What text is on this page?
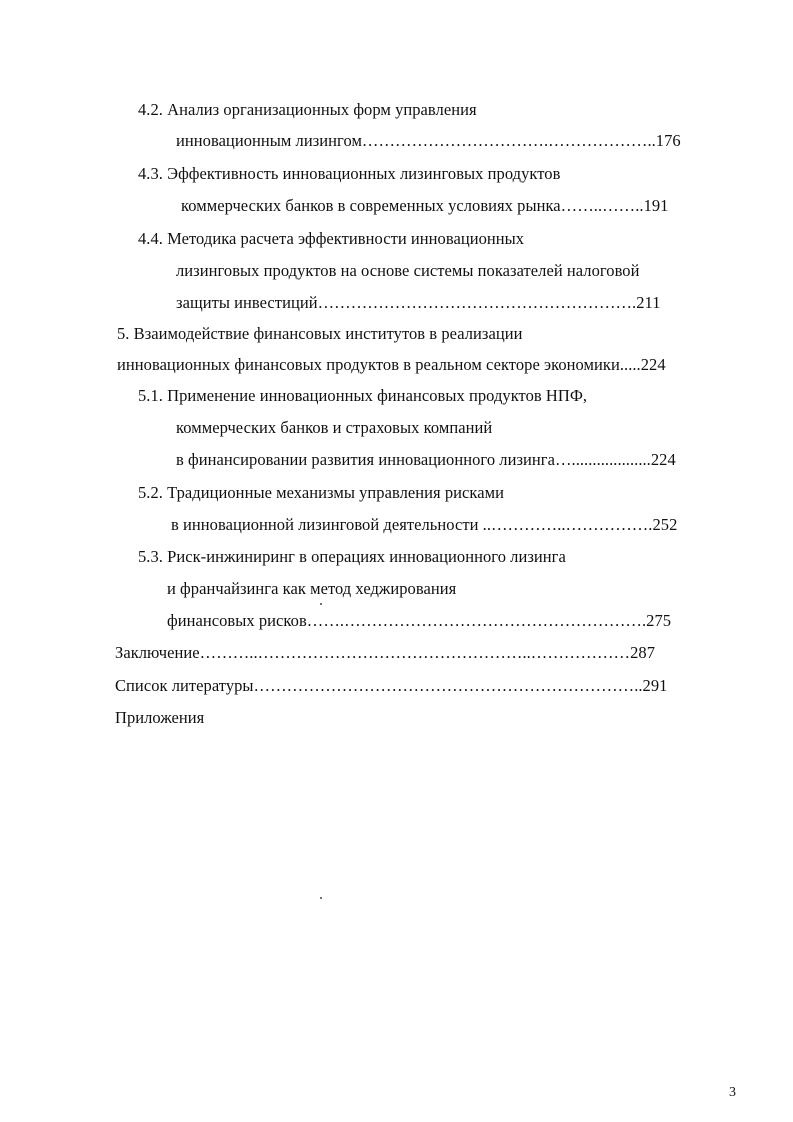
4.2. Анализ организационных форм управления
инновационным лизингом…………………………….………………..176
4.3. Эффективность инновационных лизинговых продуктов
коммерческих банков в современных условиях рынка……..……..191
4.4. Методика расчета эффективности инновационных
лизинговых продуктов на основе системы показателей налоговой
защиты инвестиций………………………………………………….211
5. Взаимодействие финансовых институтов в реализации
инновационных финансовых продуктов в реальном секторе экономики.....224
5.1. Применение инновационных финансовых продуктов НПФ,
коммерческих банков и страховых компаний
в финансировании развития инновационного лизинга…...................224
5.2. Традиционные механизмы управления рисками
в инновационной лизинговой деятельности ..…………..…………….252
5.3. Риск-инжиниринг в операциях инновационного лизинга
и франчайзинга как метод хеджирования
финансовых рисков…….……………………………………………….275
Заключение………..…………………………………………..………………287
Список литературы……………………………………………………………..291
Приложения
3
